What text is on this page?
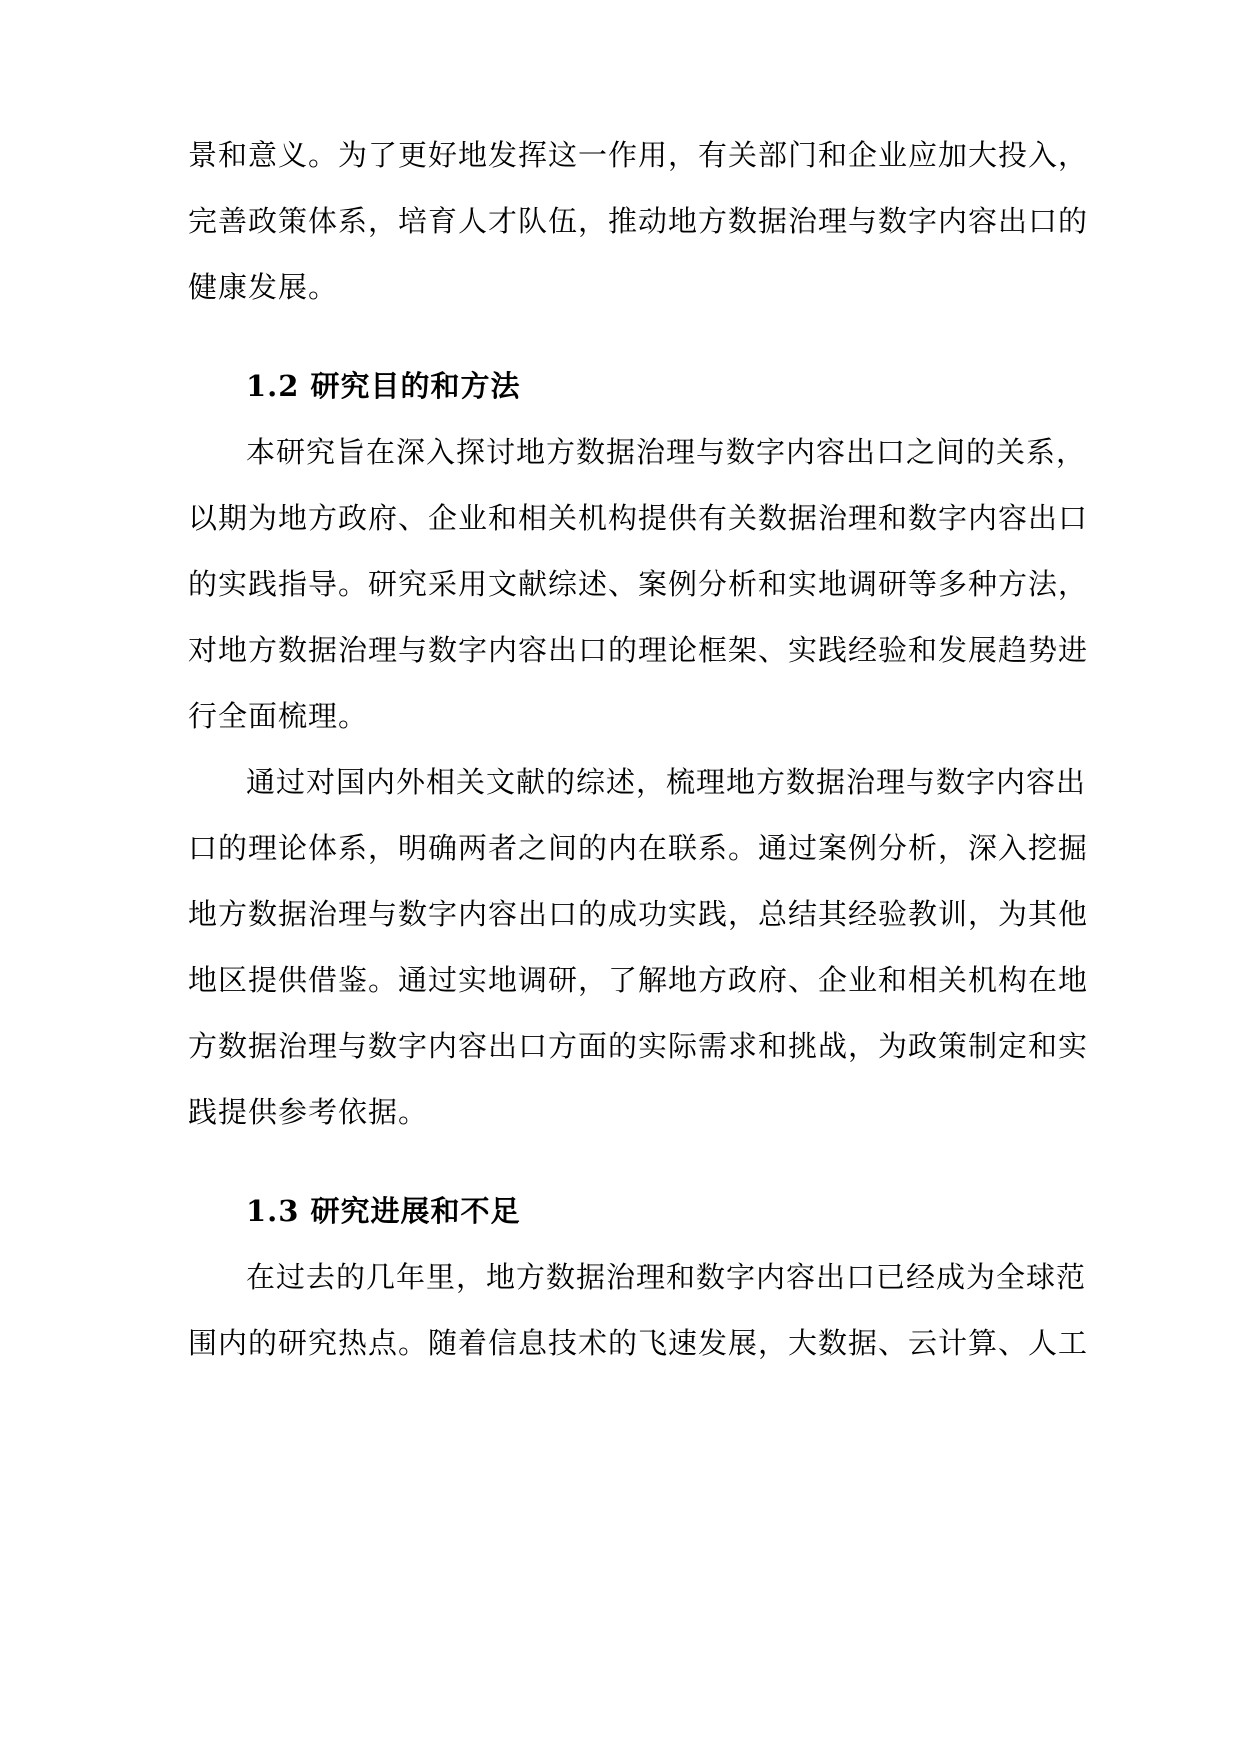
景和意义。为了更好地发挥这一作用，有关部门和企业应加大投入，
完善政策体系，培育人才队伍，推动地方数据治理与数字内容出口的
健康发展。
1.2 研究目的和方法
本研究旨在深入探讨地方数据治理与数字内容出口之间的关系，
以期为地方政府、企业和相关机构提供有关数据治理和数字内容出口
的实践指导。研究采用文献综述、案例分析和实地调研等多种方法，
对地方数据治理与数字内容出口的理论框架、实践经验和发展趋势进
行全面梳理。
通过对国内外相关文献的综述，梳理地方数据治理与数字内容出
口的理论体系，明确两者之间的内在联系。通过案例分析，深入挖掘
地方数据治理与数字内容出口的成功实践，总结其经验教训，为其他
地区提供借鉴。通过实地调研，了解地方政府、企业和相关机构在地
方数据治理与数字内容出口方面的实际需求和挑战，为政策制定和实
践提供参考依据。
1.3 研究进展和不足
在过去的几年里，地方数据治理和数字内容出口已经成为全球范
围内的研究热点。随着信息技术的飞速发展，大数据、云计算、人工
